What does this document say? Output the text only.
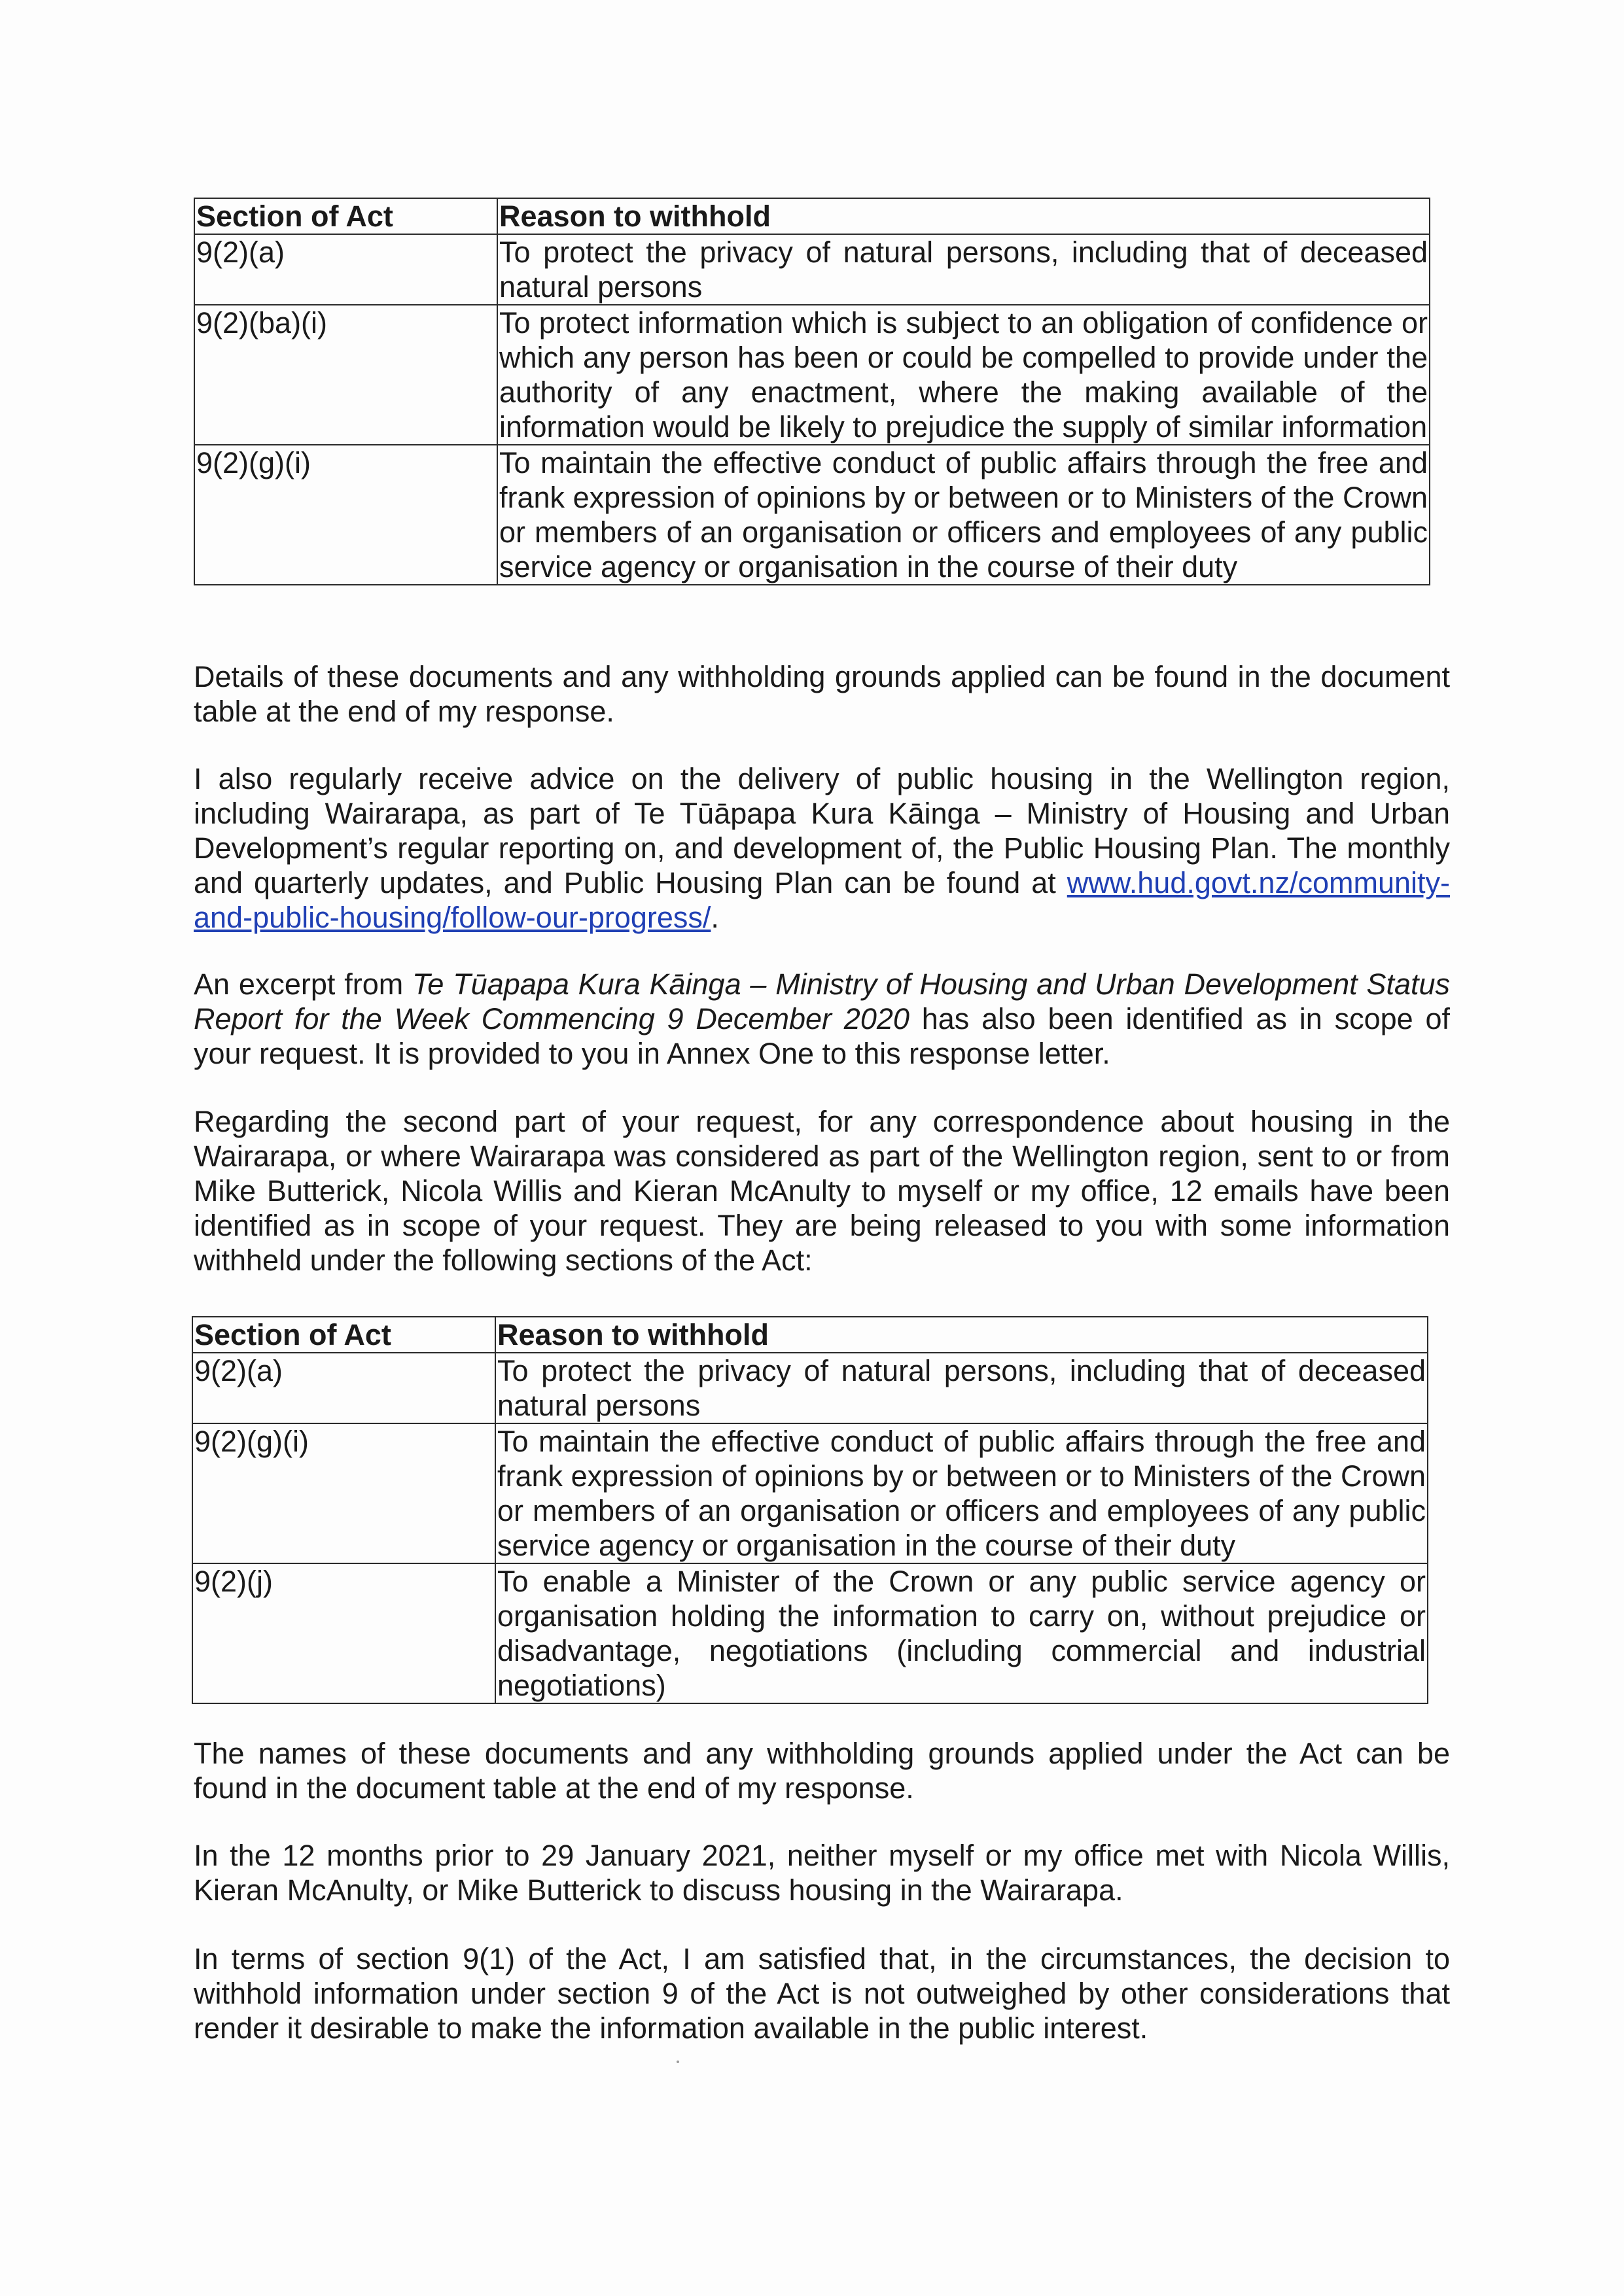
Section of Act	Reason to withhold
9(2)(a)	To protect the privacy of natural persons, including that of deceased natural persons
9(2)(ba)(i)	To protect information which is subject to an obligation of confidence or which any person has been or could be compelled to provide under the authority of any enactment, where the making available of the information would be likely to prejudice the supply of similar information
9(2)(g)(i)	To maintain the effective conduct of public affairs through the free and frank expression of opinions by or between or to Ministers of the Crown or members of an organisation or officers and employees of any public service agency or organisation in the course of their duty

Details of these documents and any withholding grounds applied can be found in the document table at the end of my response.

I also regularly receive advice on the delivery of public housing in the Wellington region, including Wairarapa, as part of Te Tūāpapa Kura Kāinga – Ministry of Housing and Urban Development’s regular reporting on, and development of, the Public Housing Plan. The monthly and quarterly updates, and Public Housing Plan can be found at www.hud.govt.nz/community-and-public-housing/follow-our-progress/.

An excerpt from Te Tūapapa Kura Kāinga – Ministry of Housing and Urban Development Status Report for the Week Commencing 9 December 2020 has also been identified as in scope of your request. It is provided to you in Annex One to this response letter.

Regarding the second part of your request, for any correspondence about housing in the Wairarapa, or where Wairarapa was considered as part of the Wellington region, sent to or from Mike Butterick, Nicola Willis and Kieran McAnulty to myself or my office, 12 emails have been identified as in scope of your request. They are being released to you with some information withheld under the following sections of the Act:

Section of Act	Reason to withhold
9(2)(a)	To protect the privacy of natural persons, including that of deceased natural persons
9(2)(g)(i)	To maintain the effective conduct of public affairs through the free and frank expression of opinions by or between or to Ministers of the Crown or members of an organisation or officers and employees of any public service agency or organisation in the course of their duty
9(2)(j)	To enable a Minister of the Crown or any public service agency or organisation holding the information to carry on, without prejudice or disadvantage, negotiations (including commercial and industrial negotiations)

The names of these documents and any withholding grounds applied under the Act can be found in the document table at the end of my response.

In the 12 months prior to 29 January 2021, neither myself or my office met with Nicola Willis, Kieran McAnulty, or Mike Butterick to discuss housing in the Wairarapa.

In terms of section 9(1) of the Act, I am satisfied that, in the circumstances, the decision to withhold information under section 9 of the Act is not outweighed by other considerations that render it desirable to make the information available in the public interest.
